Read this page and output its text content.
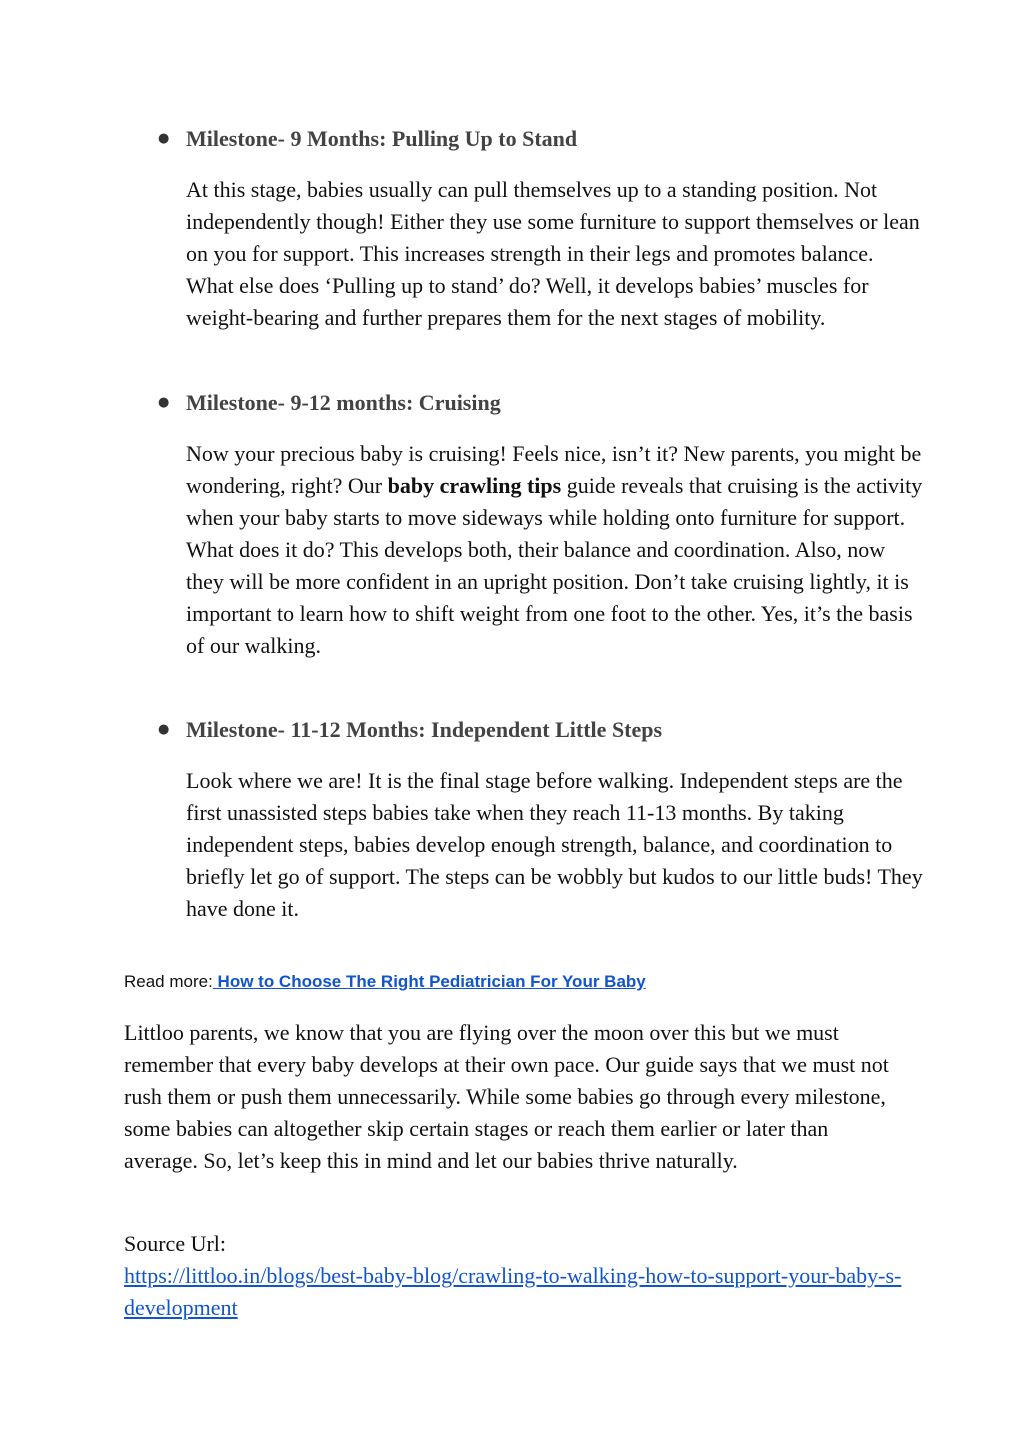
● Milestone- 9 Months: Pulling Up to Stand

At this stage, babies usually can pull themselves up to a standing position. Not independently though! Either they use some furniture to support themselves or lean on you for support. This increases strength in their legs and promotes balance. What else does ‘Pulling up to stand’ do? Well, it develops babies’ muscles for weight-bearing and further prepares them for the next stages of mobility.

● Milestone- 9-12 months: Cruising

Now your precious baby is cruising! Feels nice, isn’t it? New parents, you might be wondering, right? Our baby crawling tips guide reveals that cruising is the activity when your baby starts to move sideways while holding onto furniture for support. What does it do? This develops both, their balance and coordination. Also, now they will be more confident in an upright position. Don’t take cruising lightly, it is important to learn how to shift weight from one foot to the other. Yes, it’s the basis of our walking.

● Milestone- 11-12 Months: Independent Little Steps

Look where we are! It is the final stage before walking. Independent steps are the first unassisted steps babies take when they reach 11-13 months. By taking independent steps, babies develop enough strength, balance, and coordination to briefly let go of support. The steps can be wobbly but kudos to our little buds! They have done it.

Read more: How to Choose The Right Pediatrician For Your Baby

Littloo parents, we know that you are flying over the moon over this but we must remember that every baby develops at their own pace. Our guide says that we must not rush them or push them unnecessarily. While some babies go through every milestone, some babies can altogether skip certain stages or reach them earlier or later than average. So, let’s keep this in mind and let our babies thrive naturally.

Source Url:
https://littloo.in/blogs/best-baby-blog/crawling-to-walking-how-to-support-your-baby-s-development
